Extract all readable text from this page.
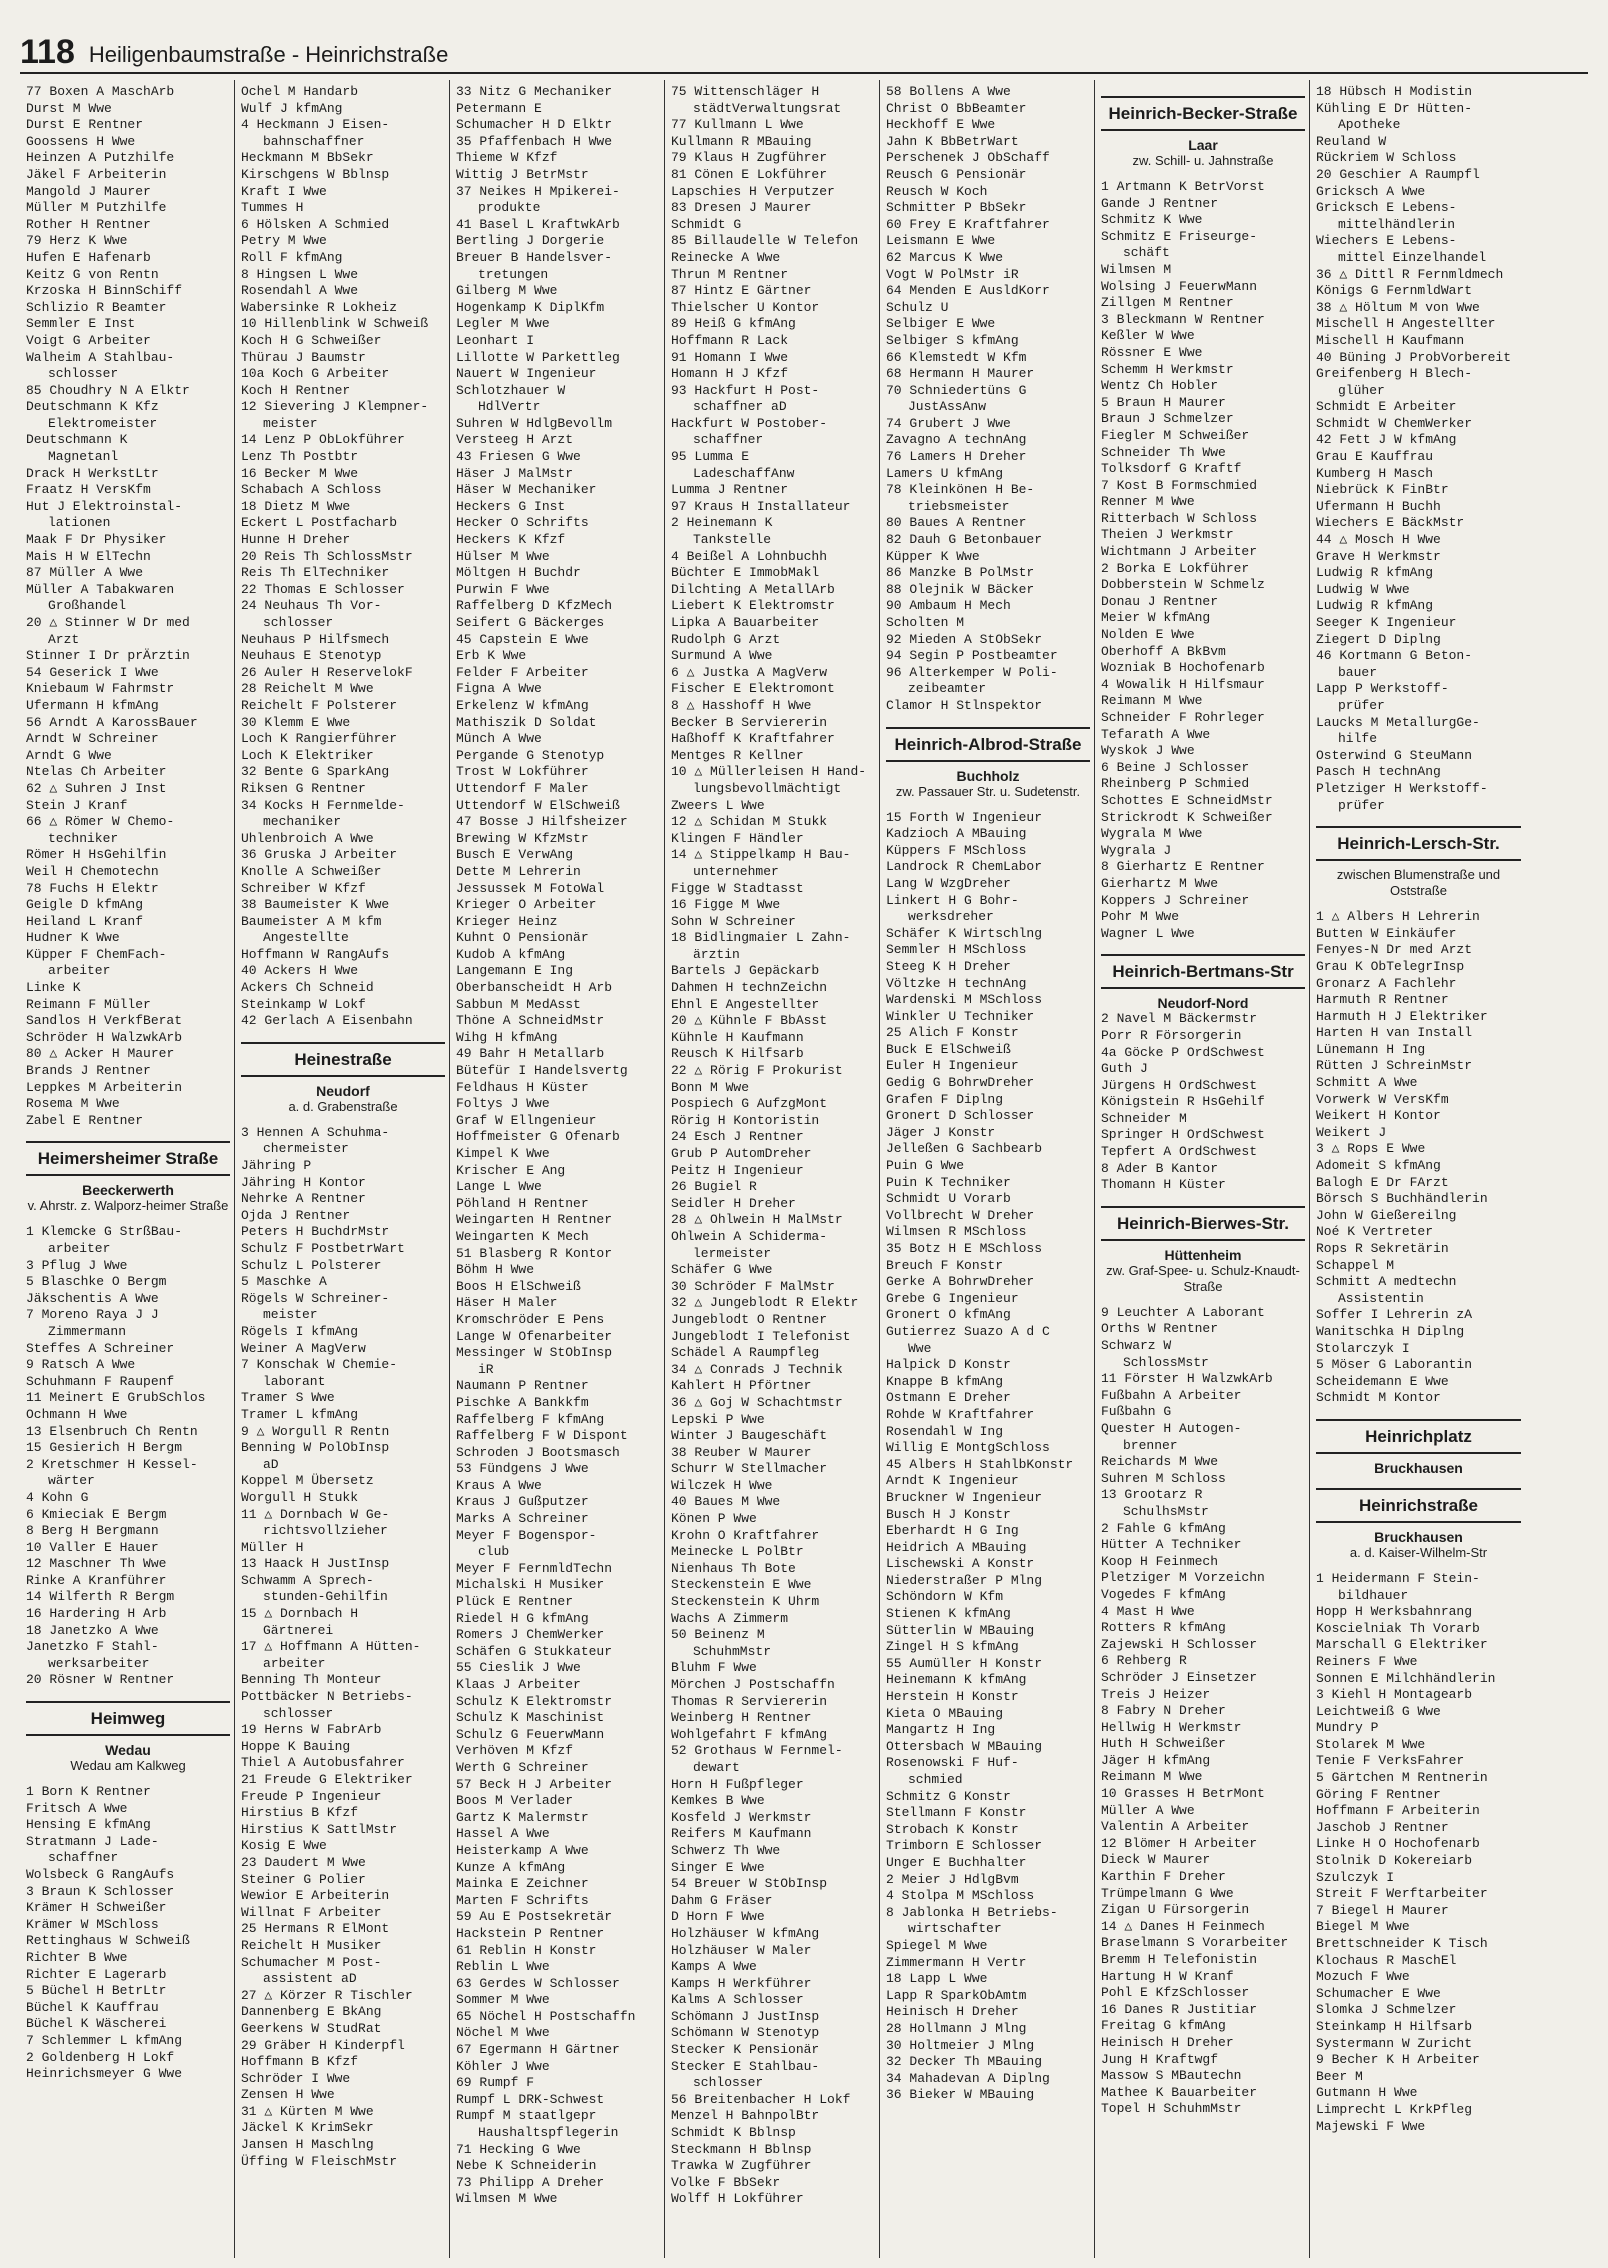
118 Heiligenbaumstraße - Heinrichstraße
77 Boxen A MaschArb
Durst M Wwe
Durst E Rentner
Goossens H Wwe
Heinzen A Putzhilfe
Jäkel F Arbeiterin
Mangold J Maurer
Müller M Putzhilfe
Rother H Rentner
79 Herz K Wwe
Hufen E Hafenarb
Keitz G von Rentn
Krzoska H BinnSchiff
Schlizio R Beamter
Semmler E Inst
Voigt G Arbeiter
Walheim A Stahlbau-
schlosser
85 Choudhry N A Elktr
Deutschmann K Kfz
Elektromeister
Deutschmann K
Magnetanl
Drack H WerkstLtr
Fraatz H VersKfm
Hut J Elektroinstal-
lationen
Maak F Dr Physiker
Mais H W ElTechn
87 Müller A Wwe
Müller A Tabakwaren
Großhandel
20 △ Stinner W Dr med
Arzt
Stinner I Dr prÄrztin
54 Geserick I Wwe
Kniebaum W Fahrmstr
Ufermann H kfmAng
56 Arndt A KarossBauer
Arndt W Schreiner
Arndt G Wwe
Ntelas Ch Arbeiter
62 △ Suhren J Inst
Stein J Kranf
66 △ Römer W Chemo-
techniker
Römer H HsGehilfin
Weil H Chemotechn
78 Fuchs H Elektr
Geigle D kfmAng
Heiland L Kranf
Hudner K Wwe
Küpper F ChemFach-
arbeiter
Linke K
Reimann F Müller
Sandlos H VerkfBerat
Schröder H WalzwkArb
80 △ Acker H Maurer
Brands J Rentner
Leppkes M Arbeiterin
Rosema M Wwe
Zabel E Rentner
Heimersheimer Straße
Beeckerwerth
v. Ahrstr. z. Walporz-heimer Straße
1 Klemcke G StrßBau-
arbeiter
3 Pflug J Wwe
5 Blaschke O Bergm
Jäkschentis A Wwe
7 Moreno Raya J J
Zimmermann
Steffes A Schreiner
9 Ratsch A Wwe
Schuhmann F Raupenf
11 Meinert E GrubSchlos
Ochmann H Wwe
13 Elsenbruch Ch Rentn
15 Gesierich H Bergm
2 Kretschmer H Kessel-
wärter
4 Kohn G
6 Kmieciak E Bergm
8 Berg H Bergmann
10 Valler E Hauer
12 Maschner Th Wwe
Rinke A Kranführer
14 Wilferth R Bergm
16 Hardering H Arb
18 Janetzko A Wwe
Janetzko F Stahl-
werksarbeiter
20 Rösner W Rentner
Heimweg
Wedau
Wedau am Kalkweg
1 Born K Rentner
Fritsch A Wwe
Hensing E kfmAng
Stratmann J Lade-
schaffner
Wolsbeck G RangAufs
3 Braun K Schlosser
Krämer H Schweißer
Krämer W MSchloss
Rettinghaus W Schweiß
Richter B Wwe
Richter E Lagerarb
5 Büchel H BetrLtr
Büchel K Kauffrau
Büchel K Wäscherei
7 Schlemmer L kfmAng
2 Goldenberg H Lokf
Heinrichsmeyer G Wwe
Ochel M Handarb
Wulf J kfmAng
4 Heckmann J Eisen-
bahnschaffner
Heckmann M BbSekr
Kirschgens W Bblnsp
Kraft I Wwe
Tummes H
6 Hölsken A Schmied
Petry M Wwe
Roll F kfmAng
8 Hingsen L Wwe
Rosendahl A Wwe
Wabersinke R Lokheiz
10 Hillenblink W Schweiß
Koch H G Schweißer
Thürau J Baumstr
10a Koch G Arbeiter
Koch H Rentner
12 Sievering J Klempner-
meister
14 Lenz P ObLokführer
Lenz Th Postbtr
16 Becker M Wwe
Schabach A Schloss
18 Dietz M Wwe
Eckert L Postfacharb
Hunne H Dreher
20 Reis Th SchlossMstr
Reis Th ElTechniker
22 Thomas E Schlosser
24 Neuhaus Th Vor-
schlosser
Neuhaus P Hilfsmech
Neuhaus E Stenotyp
26 Auler H ReservelokF
28 Reichelt M Wwe
Reichelt F Polsterer
30 Klemm E Wwe
Loch K Rangierführer
Loch K Elektriker
32 Bente G SparkAng
Riksen G Rentner
34 Kocks H Fernmelde-
mechaniker
Uhlenbroich A Wwe
36 Gruska J Arbeiter
Knolle A Schweißer
Schreiber W Kfzf
38 Baumeister K Wwe
Baumeister A M kfm
Angestellte
Hoffmann W RangAufs
40 Ackers H Wwe
Ackers Ch Schneid
Steinkamp W Lokf
42 Gerlach A Eisenbahn
Heinestraße
Neudorf
a. d. Grabenstraße
3 Hennen A Schuhma-
chermeister
Jähring P
Jähring H Kontor
Nehrke A Rentner
Ojda J Rentner
Peters H BuchdrMstr
Schulz F PostbetrWart
Schulz L Polsterer
5 Maschke A
Rögels W Schreiner-
meister
Rögels I kfmAng
Weiner A MagVerw
7 Konschak W Chemie-
laborant
Tramer S Wwe
Tramer L kfmAng
9 △ Worgull R Rentn
Benning W PolObInsp
aD
Koppel M Übersetz
Worgull H Stukk
11 △ Dornbach W Ge-
richtsvollzieher
Müller H
13 Haack H JustInsp
Schwamm A Sprech-
stunden-Gehilfin
15 △ Dornbach H
Gärtnerei
17 △ Hoffmann A Hütten-
arbeiter
Benning Th Monteur
Pottbäcker N Betriebs-
schlosser
19 Herns W FabrArb
Hoppe K Bauing
Thiel A Autobusfahrer
21 Freude G Elektriker
Freude P Ingenieur
Hirstius B Kfzf
Hirstius K SattlMstr
Kosig E Wwe
23 Daudert M Wwe
Steiner G Polier
Wewior E Arbeiterin
Willnat F Arbeiter
25 Hermans R ElMont
Reichelt H Musiker
Schumacher M Post-
assistent aD
27 △ Körzer R Tischler
Dannenberg E BkAng
Geerkens W StudRat
29 Gräber H Kinderpfl
Hoffmann B Kfzf
Schröder I Wwe
Zensen H Wwe
31 △ Kürten M Wwe
Jäckel K KrimSekr
Jansen H Maschlng
Üffing W FleischMstr
33 Nitz G Mechaniker
Petermann E
Schumacher H D Elktr
35 Pfaffenbach H Wwe
Thieme W Kfzf
Wittig J BetrMstr
37 Neikes H Mpikerei-
produkte
41 Basel L KraftwkArb
Bertling J Dorgerie
Breuer B Handelsver-
tretungen
Gilberg M Wwe
Hogenkamp K DiplKfm
Legler M Wwe
Leonhart I
Lillotte W Parkettleg
Nauert W Ingenieur
Schlotzhauer W
HdlVertr
Suhren W HdlgBevollm
Versteeg H Arzt
43 Friesen G Wwe
Häser J MalMstr
Häser W Mechaniker
Heckers G Inst
Hecker O Schrifts
Heckers K Kfzf
Hülser M Wwe
Möltgen H Buchdr
Purwin F Wwe
Raffelberg D KfzMech
Seifert G Bäckerges
45 Capstein E Wwe
Erb K Wwe
Felder F Arbeiter
Figna A Wwe
Erkelenz W kfmAng
Mathiszik D Soldat
Münch A Wwe
Pergande G Stenotyp
Trost W Lokführer
Uttendorf F Maler
Uttendorf W ElSchweiß
47 Bosse J Hilfsheizer
Brewing W KfzMstr
Busch E VerwAng
Dette M Lehrerin
Jessussek M FotoWal
Krieger O Arbeiter
Krieger Heinz
Kuhnt O Pensionär
Kudob A kfmAng
Langemann E Ing
Oberbanscheidt H Arb
Sabbun M MedAsst
Thöne A SchneidMstr
Wihg H kfmAng
49 Bahr H Metallarb
Bütefür I Handelsvertg
Feldhaus H Küster
Foltys J Wwe
Graf W Ellngenieur
Hoffmeister G Ofenarb
Kimpel K Wwe
Krischer E Ang
Lange L Wwe
Pöhland H Rentner
Weingarten H Rentner
Weingarten K Mech
51 Blasberg R Kontor
Böhm H Wwe
Boos H ElSchweiß
Häser H Maler
Kromschröder E Pens
Lange W Ofenarbeiter
Messinger W StObInsp
iR
Naumann P Rentner
Pischke A Bankkfm
Raffelberg F kfmAng
Raffelberg F W Dispont
Schroden J Bootsmasch
53 Fündgens J Wwe
Kraus A Wwe
Kraus J Gußputzer
Marks A Schreiner
Meyer F Bogenspor-
club
Meyer F FernmldTechn
Michalski H Musiker
Plück E Rentner
Riedel H G kfmAng
Romers J ChemWerker
Schäfen G Stukkateur
55 Cieslik J Wwe
Klaas J Arbeiter
Schulz K Elektromstr
Schulz K Maschinist
Schulz G FeuerwMann
Verhöven M Kfzf
Werth G Schreiner
57 Beck H J Arbeiter
Boos M Verlader
Gartz K Malermstr
Hassel A Wwe
Heisterkamp A Wwe
Kunze A kfmAng
Mainka E Zeichner
Marten F Schrifts
59 Au E Postsekretär
Hackstein P Rentner
61 Reblin H Konstr
Reblin L Wwe
63 Gerdes W Schlosser
Sommer M Wwe
65 Nöchel H Postschaffn
Nöchel M Wwe
67 Egermann H Gärtner
Köhler J Wwe
69 Rumpf F
Rumpf L DRK-Schwest
Rumpf M staatlgepr
Haushaltspflegerin
71 Hecking G Wwe
Nebe K Schneiderin
73 Philipp A Dreher
Wilmsen M Wwe
75 Wittenschläger H
städtVerwaltungsrat
77 Kullmann L Wwe
Kullmann R MBauing
79 Klaus H Zugführer
81 Cönen E Lokführer
Lapschies H Verputzer
83 Dresen J Maurer
Schmidt G
85 Billaudelle W Telefon
Reinecke A Wwe
Thrun M Rentner
87 Hintz E Gärtner
Thielscher U Kontor
89 Heiß G kfmAng
Hoffmann R Lack
91 Homann I Wwe
Homann H J Kfzf
93 Hackfurt H Post-
schaffner aD
Hackfurt W Postober-
schaffner
95 Lumma E
LadeschaffAnw
Lumma J Rentner
97 Kraus H Installateur
2 Heinemann K
Tankstelle
4 Beißel A Lohnbuchh
Büchter E ImmobMakl
Dilchting A MetallArb
Liebert K Elektromstr
Lipka A Bauarbeiter
Rudolph G Arzt
Surmund A Wwe
6 △ Justka A MagVerw
Fischer E Elektromont
8 △ Hasshoff H Wwe
Becker B Serviererin
Haßhoff K Kraftfahrer
Mentges R Kellner
10 △ Müllerleisen H Hand-
lungsbevollmächtigt
Zweers L Wwe
12 △ Schidan M Stukk
Klingen F Händler
14 △ Stippelkamp H Bau-
unternehmer
Figge W Stadtasst
16 Figge M Wwe
Sohn W Schreiner
18 Bidlingmaier L Zahn-
ärztin
Bartels J Gepäckarb
Dahmen H technZeichn
Ehnl E Angestellter
20 △ Kühnle F BbAsst
Kühnle H Kaufmann
Reusch K Hilfsarb
22 △ Rörig F Prokurist
Bonn M Wwe
Pospiech G AufzgMont
Rörig H Kontoristin
24 Esch J Rentner
Grub P AutomDreher
Peitz H Ingenieur
26 Bugiel R
Seidler H Dreher
28 △ Ohlwein H MalMstr
Ohlwein A Schiderma-
lermeister
Schäfer G Wwe
30 Schröder F MalMstr
32 △ Jungeblodt R Elektr
Jungeblodt O Rentner
Jungeblodt I Telefonist
Schädel A Raumpfleg
34 △ Conrads J Technik
Kahlert H Pförtner
36 △ Goj W Schachtmstr
Lepski P Wwe
Winter J Baugeschäft
38 Reuber W Maurer
Schurr W Stellmacher
Wilczek H Wwe
40 Baues M Wwe
Könen P Wwe
Krohn O Kraftfahrer
Meinecke L PolBtr
Nienhaus Th Bote
Steckenstein E Wwe
Steckenstein K Uhrm
Wachs A Zimmerm
50 Beinenz M
SchuhmMstr
Bluhm F Wwe
Mörchen J Postschaffn
Thomas R Serviererin
Weinberg H Rentner
Wohlgefahrt F kfmAng
52 Grothaus W Fernmel-
dewart
Horn H Fußpfleger
Kemkes B Wwe
Kosfeld J Werkmstr
Reifers M Kaufmann
Schwerz Th Wwe
Singer E Wwe
54 Breuer W StObInsp
Dahm G Fräser
D Horn F Wwe
Holzhäuser W kfmAng
Holzhäuser W Maler
Kamps A Wwe
Kamps H Werkführer
Kalms A Schlosser
Schömann J JustInsp
Schömann W Stenotyp
Stecker K Pensionär
Stecker E Stahlbau-
schlosser
56 Breitenbacher H Lokf
Menzel H BahnpolBtr
Schmidt K Bblnsp
Steckmann H Bblnsp
Trawka W Zugführer
Volke F BbSekr
Wolff H Lokführer
58 Bollens A Wwe
Christ O BbBeamter
Heckhoff E Wwe
Jahn K BbBetrWart
Perschenek J ObSchaff
Reusch G Pensionär
Reusch W Koch
Schmitter P BbSekr
60 Frey E Kraftfahrer
Leismann E Wwe
62 Marcus K Wwe
Vogt W PolMstr iR
64 Menden E AusldKorr
Schulz U
Selbiger E Wwe
Selbiger S kfmAng
66 Klemstedt W Kfm
68 Hermann H Maurer
70 Schniedertüns G
JustAssAnw
74 Grubert J Wwe
Zavagno A technAng
76 Lamers H Dreher
Lamers U kfmAng
78 Kleinkönen H Be-
triebsmeister
80 Baues A Rentner
82 Dauh G Betonbauer
Küpper K Wwe
86 Manzke B PolMstr
88 Olejnik W Bäcker
90 Ambaum H Mech
Scholten M
92 Mieden A StObSekr
94 Segin P Postbeamter
96 Alterkemper W Poli-
zeibeamter
Clamor H Stlnspektor
Heinrich-Albrod-Straße
Buchholz
zw. Passauer Str. u. Sudetenstr.
15 Forth W Ingenieur
Kadzioch A MBauing
Küppers F MSchloss
Landrock R ChemLabor
Lang W WzgDreher
Linkert H G Bohr-
werksdreher
Schäfer K Wirtschlng
Semmler H MSchloss
Steeg K H Dreher
Völtzke H technAng
Wardenski M MSchloss
Winkler U Techniker
25 Alich F Konstr
Buck E ElSchweiß
Euler H Ingenieur
Gedig G BohrwDreher
Grafen F Diplng
Gronert D Schlosser
Jäger J Konstr
Jelleßen G Sachbearb
Puin G Wwe
Puin K Techniker
Schmidt U Vorarb
Vollbrecht W Dreher
Wilmsen R MSchloss
35 Botz H E MSchloss
Breuch F Konstr
Gerke A BohrwDreher
Grebe G Ingenieur
Gronert O kfmAng
Gutierrez Suazo A d C
Wwe
Halpick D Konstr
Knappe B kfmAng
Ostmann E Dreher
Rohde W Kraftfahrer
Rosendahl W Ing
Willig E MontgSchloss
45 Albers H StahlbKonstr
Arndt K Ingenieur
Bruckner W Ingenieur
Busch H J Konstr
Eberhardt H G Ing
Heidrich A MBauing
Lischewski A Konstr
Niederstraßer P Mlng
Schöndorn W Kfm
Stienen K kfmAng
Sütterlin W MBauing
Zingel H S kfmAng
55 Aumüller H Konstr
Heinemann K kfmAng
Herstein H Konstr
Kieta O MBauing
Mangartz H Ing
Ottersbach W MBauing
Rosenowski F Huf-
schmied
Schmitz G Konstr
Stellmann F Konstr
Strobach K Konstr
Trimborn E Schlosser
Unger E Buchhalter
2 Meier J HdlgBvm
4 Stolpa M MSchloss
8 Jablonka H Betriebs-
wirtschafter
Spiegel M Wwe
Zimmermann H Vertr
18 Lapp L Wwe
Lapp R SparkObAmtm
Heinisch H Dreher
28 Hollmann J Mlng
30 Holtmeier J Mlng
32 Decker Th MBauing
34 Mahadevan A Diplng
36 Bieker W MBauing
Heinrich-Becker-Straße
Laar
zw. Schill- u. Jahnstraße
1 Artmann K BetrVorst
Gande J Rentner
Schmitz K Wwe
Schmitz E Friseurge-
schäft
Wilmsen M
Wolsing J FeuerwMann
Zillgen M Rentner
3 Bleckmann W Rentner
Keßler W Wwe
Rössner E Wwe
Schemm H Werkmstr
Wentz Ch Hobler
5 Braun H Maurer
Braun J Schmelzer
Fiegler M Schweißer
Schneider Th Wwe
Tolksdorf G Kraftf
7 Kost B Formschmied
Renner M Wwe
Ritterbach W Schloss
Theien J Werkmstr
Wichtmann J Arbeiter
2 Borka E Lokführer
Dobberstein W Schmelz
Donau J Rentner
Meier W kfmAng
Nolden E Wwe
Oberhoff A BkBvm
Wozniak B Hochofenarb
4 Wowalik H Hilfsmaur
Reimann M Wwe
Schneider F Rohrleger
Tefarath A Wwe
Wyskok J Wwe
6 Beine J Schlosser
Rheinberg P Schmied
Schottes E SchneidMstr
Strickrodt K Schweißer
Wygrala M Wwe
Wygrala J
8 Gierhartz E Rentner
Gierhartz M Wwe
Koppers J Schreiner
Pohr M Wwe
Wagner L Wwe
Heinrich-Bertmans-Str
Neudorf-Nord
2 Navel M Bäckermstr
Porr R Försorgerin
4a Göcke P OrdSchwest
Guth J
Jürgens H OrdSchwest
Königstein R HsGehilf
Schneider M
Springer H OrdSchwest
Tepfert A OrdSchwest
8 Ader B Kantor
Thomann H Küster
Heinrich-Bierwes-Str.
Hüttenheim
zw. Graf-Spee- u. Schulz-Knaudt-Straße
9 Leuchter A Laborant
Orths W Rentner
Schwarz W
SchlossMstr
11 Förster H WalzwkArb
Fußbahn A Arbeiter
Fußbahn G
Quester H Autogen-
brenner
Reichards M Wwe
Suhren M Schloss
13 Grootarz R
SchulhsMstr
2 Fahle G kfmAng
Hütter A Techniker
Koop H Feinmech
Pletziger M Vorzeichn
Vogedes F kfmAng
4 Mast H Wwe
Rotters R kfmAng
Zajewski H Schlosser
6 Rehberg R
Schröder J Einsetzer
Treis J Heizer
8 Fabry N Dreher
Hellwig H Werkmstr
Huth H Schweißer
Jäger H kfmAng
Reimann M Wwe
10 Grasses H BetrMont
Müller A Wwe
Valentin A Arbeiter
12 Blömer H Arbeiter
Dieck W Maurer
Karthin F Dreher
Trümpelmann G Wwe
Zigan U Fürsorgerin
14 △ Danes H Feinmech
Braselmann S Vorarbeiter
Bremm H Telefonistin
Hartung H W Kranf
Pohl E KfzSchlosser
16 Danes R Justitiar
Freitag G kfmAng
Heinisch H Dreher
Jung H Kraftwgf
Massow S MBautechn
Mathee K Bauarbeiter
Topel H SchuhmMstr
18 Hübsch H Modistin
Kühling E Dr Hütten-
Apotheke
Reuland W
Rückriem W Schloss
20 Geschier A Raumpfl
Gricksch A Wwe
Gricksch E Lebens-
mittelhändlerin
Wiechers E Lebens-
mittel Einzelhandel
36 △ Dittl R Fernmldmech
Königs G FernmldWart
38 △ Höltum M von Wwe
Mischell H Angestellter
Mischell H Kaufmann
40 Büning J ProbVorbereit
Greifenberg H Blech-
glüher
Schmidt E Arbeiter
Schmidt W ChemWerker
42 Fett J W kfmAng
Grau E Kauffrau
Kumberg H Masch
Niebrück K FinBtr
Ufermann H Buchh
Wiechers E BäckMstr
44 △ Mosch H Wwe
Grave H Werkmstr
Ludwig R kfmAng
Ludwig W Wwe
Ludwig R kfmAng
Seeger K Ingenieur
Ziegert D Diplng
46 Kortmann G Beton-
bauer
Lapp P Werkstoff-
prüfer
Laucks M MetallurgGe-
hilfe
Osterwind G SteuMann
Pasch H technAng
Pletziger H Werkstoff-
prüfer
Heinrich-Lersch-Str.
zwischen Blumenstraße und Oststraße
1 △ Albers H Lehrerin
Butten W Einkäufer
Fenyes-N Dr med Arzt
Grau K ObTelegrInsp
Gronarz A Fachlehr
Harmuth R Rentner
Harmuth H J Elektriker
Harten H van Install
Lünemann H Ing
Rütten J SchreinMstr
Schmitt A Wwe
Vorwerk W VersKfm
Weikert H Kontor
Weikert J
3 △ Rops E Wwe
Adomeit S kfmAng
Balogh E Dr FArzt
Börsch S Buchhändlerin
John W Gießereilng
Noé K Vertreter
Rops R Sekretärin
Schappel M
Schmitt A medtechn
Assistentin
Soffer I Lehrerin zA
Wanitschka H Diplng
Stolarczyk I
5 Möser G Laborantin
Scheidemann E Wwe
Schmidt M Kontor
Heinrichplatz
Bruckhausen
Heinrichstraße
Bruckhausen
a. d. Kaiser-Wilhelm-Str
1 Heidermann F Stein-
bildhauer
Hopp H Werksbahnrang
Koscielniak Th Vorarb
Marschall G Elektriker
Reiners F Wwe
Sonnen E Milchhändlerin
3 Kiehl H Montagearb
Leichtweiß G Wwe
Mundry P
Stolarek M Wwe
Tenie F VerksFahrer
5 Gärtchen M Rentnerin
Göring F Rentner
Hoffmann F Arbeiterin
Jaschob J Rentner
Linke H O Hochofenarb
Stolnik D Kokereiarb
Szulczyk I
Streit F Werftarbeiter
7 Biegel H Maurer
Biegel M Wwe
Brettschneider K Tisch
Klochaus R MaschEl
Mozuch F Wwe
Schumacher E Wwe
Slomka J Schmelzer
Steinkamp H Hilfsarb
Systermann W Zuricht
9 Becher K H Arbeiter
Beer M
Gutmann H Wwe
Limprecht L KrkPfleg
Majewski F Wwe
